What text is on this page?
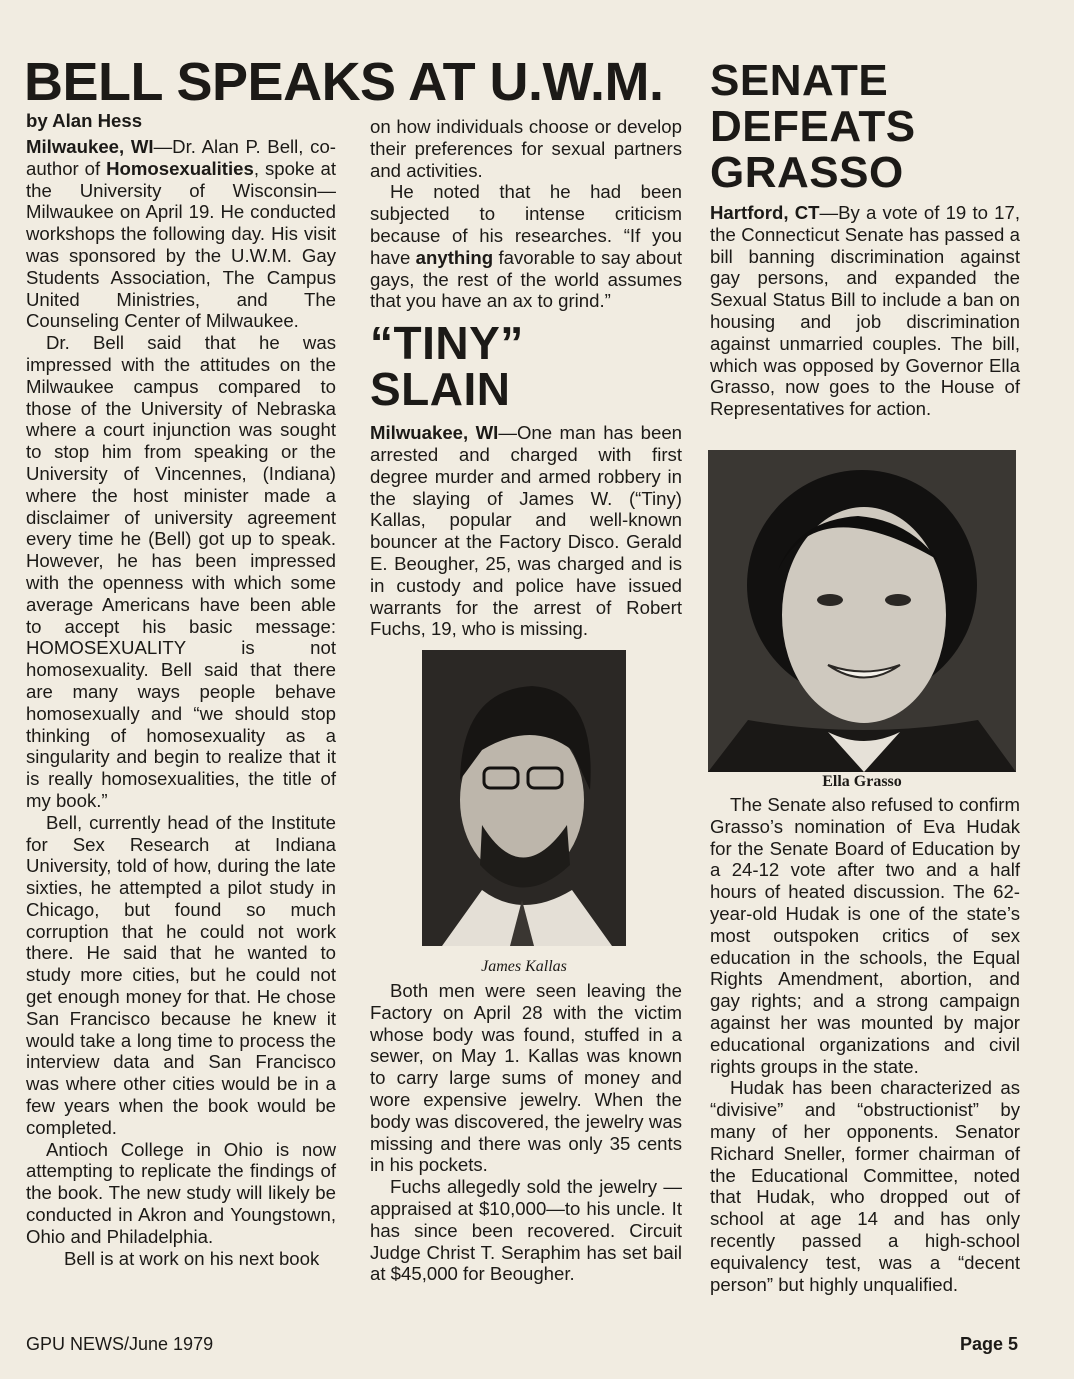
BELL SPEAKS AT U.W.M.
by Alan Hess

Milwaukee, WI—Dr. Alan P. Bell, co-author of Homosexualities, spoke at the University of Wisconsin—Milwaukee on April 19. He conducted workshops the following day. His visit was sponsored by the U.W.M. Gay Students Association, The Campus United Ministries, and The Counseling Center of Milwaukee.

Dr. Bell said that he was impressed with the attitudes on the Milwaukee campus compared to those of the University of Nebraska where a court injunction was sought to stop him from speaking or the University of Vincennes, (Indiana) where the host minister made a disclaimer of university agreement every time he (Bell) got up to speak. However, he has been impressed with the openness with which some average Americans have been able to accept his basic message: HOMOSEXUALITY is not homosexuality. Bell said that there are many ways people behave homosexually and “we should stop thinking of homosexuality as a singularity and begin to realize that it is really homosexualities, the title of my book.”

Bell, currently head of the Institute for Sex Research at Indiana University, told of how, during the late sixties, he attempted a pilot study in Chicago, but found so much corruption that he could not work there. He said that he wanted to study more cities, but he could not get enough money for that. He chose San Francisco because he knew it would take a long time to process the interview data and San Francisco was where other cities would be in a few years when the book would be completed.

Antioch College in Ohio is now attempting to replicate the findings of the book. The new study will likely be conducted in Akron and Youngstown, Ohio and Philadelphia.

Bell is at work on his next book

on how individuals choose or develop their preferences for sexual partners and activities.

He noted that he had been subjected to intense criticism because of his researches. “If you have anything favorable to say about gays, the rest of the world assumes that you have an ax to grind.”

“TINY”
SLAIN

Milwuakee, WI—One man has been arrested and charged with first degree murder and armed robbery in the slaying of James W. (“Tiny) Kallas, popular and well-known bouncer at the Factory Disco. Gerald E. Beougher, 25, was charged and is in custody and police have issued warrants for the arrest of Robert Fuchs, 19, who is missing.

James Kallas

Both men were seen leaving the Factory on April 28 with the victim whose body was found, stuffed in a sewer, on May 1. Kallas was known to carry large sums of money and wore expensive jewelry. When the body was discovered, the jewelry was missing and there was only 35 cents in his pockets.

Fuchs allegedly sold the jewelry —appraised at $10,000—to his uncle. It has since been recovered. Circuit Judge Christ T. Seraphim has set bail at $45,000 for Beougher.

SENATE
DEFEATS
GRASSO

Hartford, CT—By a vote of 19 to 17, the Connecticut Senate has passed a bill banning discrimination against gay persons, and expanded the Sexual Status Bill to include a ban on housing and job discrimination against unmarried couples. The bill, which was opposed by Governor Ella Grasso, now goes to the House of Representatives for action.

Ella Grasso

The Senate also refused to confirm Grasso’s nomination of Eva Hudak for the Senate Board of Education by a 24-12 vote after two and a half hours of heated discussion. The 62-year-old Hudak is one of the state’s most outspoken critics of sex education in the schools, the Equal Rights Amendment, abortion, and gay rights; and a strong campaign against her was mounted by major educational organizations and civil rights groups in the state.

Hudak has been characterized as “divisive” and “obstructionist” by many of her opponents. Senator Richard Sneller, former chairman of the Educational Committee, noted that Hudak, who dropped out of school at age 14 and has only recently passed a high-school equivalency test, was a “decent person” but highly unqualified.

GPU NEWS/June 1979	Page 5
